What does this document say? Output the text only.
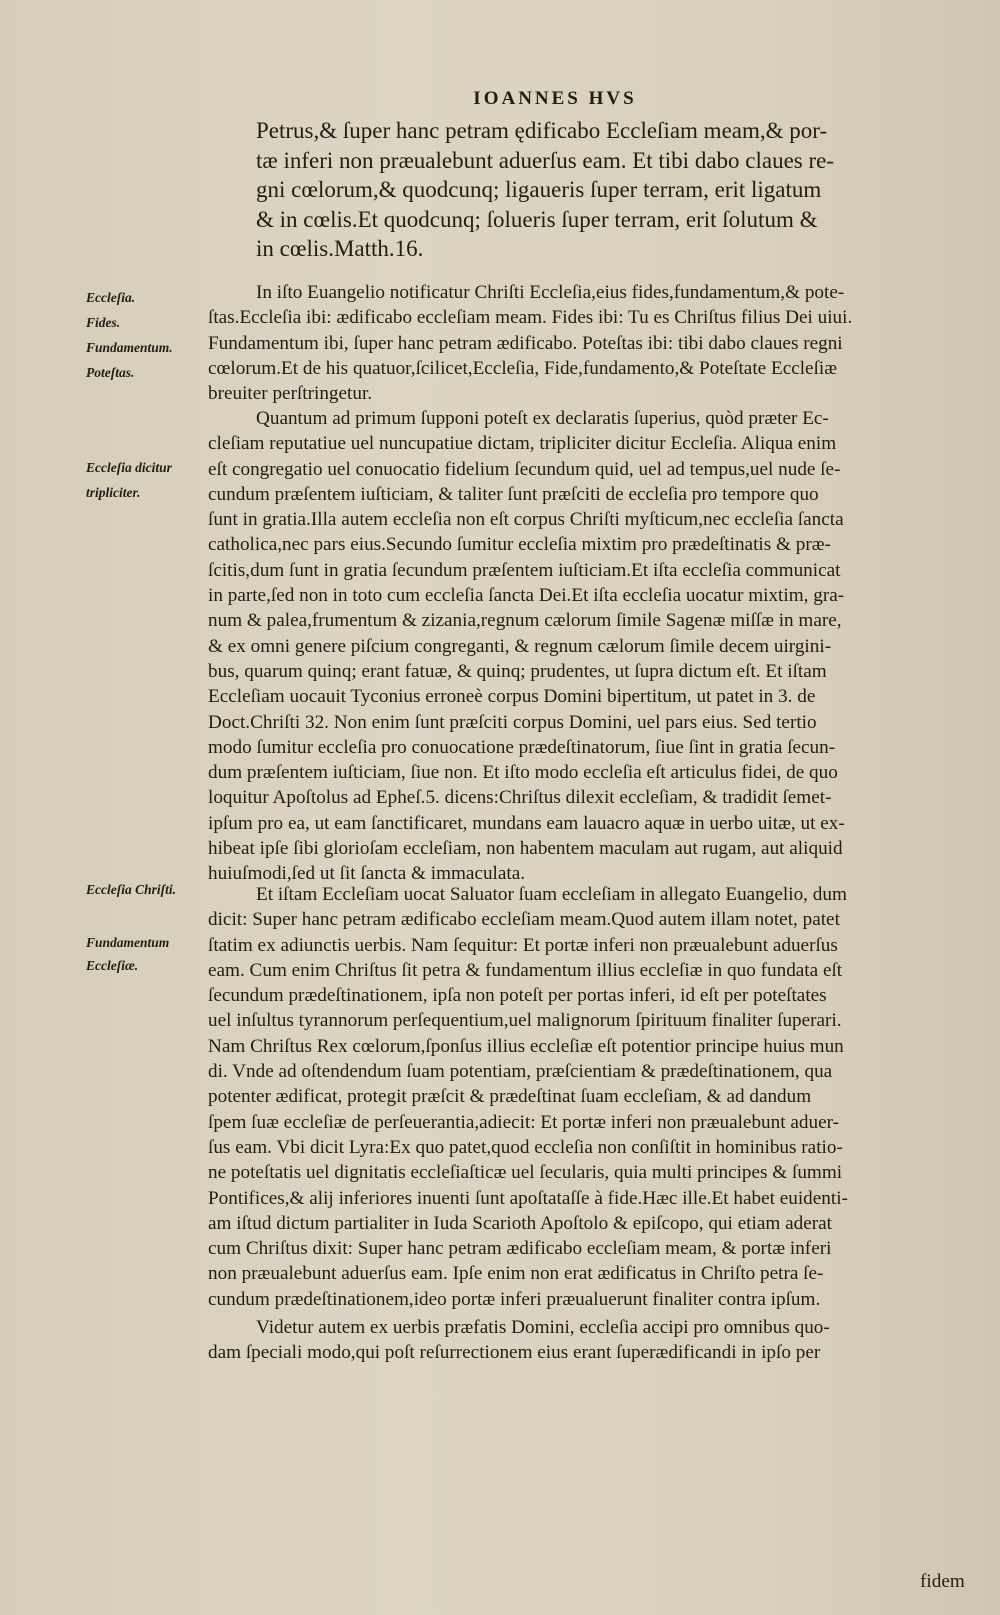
IOANNES HVS
Petrus,& ſuper hanc petram ędificabo Eccleſiam meam,& por-
tæ inferi non præualebunt aduerſus eam. Et tibi dabo claues re-
gni cœlorum,& quodcunq; ligaueris ſuper terram, erit ligatum
& in cœlis.Et quodcunq; ſolueris ſuper terram, erit ſolutum &
in cœlis.Matth.16.
In iſto Euangelio notificatur Chriſti Eccleſia,eius fides,fundamentum,& pote-
ſtas.Eccleſia ibi: ædificabo eccleſiam meam. Fides ibi: Tu es Chriſtus filius Dei uiui.
Fundamentum ibi, ſuper hanc petram ædificabo. Poteſtas ibi: tibi dabo claues regni
cœlorum.Et de his quatuor,ſcilicet,Eccleſia, Fide,fundamento,& Poteſtate Eccleſiæ
breuiter perſtringetur.
Quantum ad primum ſupponi poteſt ex declaratis ſuperius, quòd præter Ec-
cleſiam reputatiue uel nuncupatiue dictam, tripliciter dicitur Eccleſia. Aliqua enim
eſt congregatio uel conuocatio fidelium ſecundum quid, uel ad tempus,uel nude ſe-
cundum præſentem iuſticiam, & taliter ſunt præſciti de eccleſia pro tempore quo
ſunt in gratia.Illa autem eccleſia non eſt corpus Chriſti myſticum,nec eccleſia ſancta
catholica,nec pars eius.Secundo ſumitur eccleſia mixtim pro prædeſtinatis & præ-
ſcitis,dum ſunt in gratia ſecundum præſentem iuſticiam.Et iſta eccleſia communicat
in parte,ſed non in toto cum eccleſia ſancta Dei.Et iſta eccleſia uocatur mixtim, gra-
num & palea,frumentum & zizania,regnum cælorum ſimile Sagenæ miſſæ in mare,
& ex omni genere piſcium congreganti, & regnum cælorum ſimile decem uirgini-
bus, quarum quinq; erant fatuæ, & quinq; prudentes, ut ſupra dictum eſt. Et iſtam
Eccleſiam uocauit Tyconius erroneè corpus Domini bipertitum, ut patet in 3. de
Doct.Chriſti 32. Non enim ſunt præſciti corpus Domini, uel pars eius. Sed tertio
modo ſumitur eccleſia pro conuocatione prædeſtinatorum, ſiue ſint in gratia ſecun-
dum præſentem iuſticiam, ſiue non. Et iſto modo eccleſia eſt articulus fidei, de quo
loquitur Apoſtolus ad Epheſ.5. dicens:Chriſtus dilexit eccleſiam, & tradidit ſemet-
ipſum pro ea, ut eam ſanctificaret, mundans eam lauacro aquæ in uerbo uitæ, ut ex-
hibeat ipſe ſibi glorioſam eccleſiam, non habentem maculam aut rugam, aut aliquid
huiuſmodi,ſed ut ſit ſancta & immaculata.
Et iſtam Eccleſiam uocat Saluator ſuam eccleſiam in allegato Euangelio, dum
dicit: Super hanc petram ædificabo eccleſiam meam.Quod autem illam notet, patet
ſtatim ex adiunctis uerbis. Nam ſequitur: Et portæ inferi non præualebunt aduerſus
eam. Cum enim Chriſtus ſit petra & fundamentum illius eccleſiæ in quo fundata eſt
ſecundum prædeſtinationem, ipſa non poteſt per portas inferi, id eſt per poteſtates
uel inſultus tyrannorum perſequentium,uel malignorum ſpirituum finaliter ſuperari.
Nam Chriſtus Rex cœlorum,ſponſus illius eccleſiæ eſt potentior principe huius mun
di. Vnde ad oſtendendum ſuam potentiam, præſcientiam & prædeſtinationem, qua
potenter ædificat, protegit præſcit & prædeſtinat ſuam eccleſiam, & ad dandum
ſpem ſuæ eccleſiæ de perſeuerantia,adiecit: Et portæ inferi non præualebunt aduer-
ſus eam. Vbi dicit Lyra:Ex quo patet,quod eccleſia non conſiſtit in hominibus ratio-
ne poteſtatis uel dignitatis eccleſiaſticæ uel ſecularis, quia multi principes & ſummi
Pontifices,& alij inferiores inuenti ſunt apoſtataſſe à fide.Hæc ille.Et habet euidenti-
am iſtud dictum partialiter in Iuda Scarioth Apoſtolo & epiſcopo, qui etiam aderat
cum Chriſtus dixit: Super hanc petram ædificabo eccleſiam meam, & portæ inferi
non præualebunt aduerſus eam. Ipſe enim non erat ædificatus in Chriſto petra ſe-
cundum prædeſtinationem,ideo portæ inferi præualuerunt finaliter contra ipſum.
Videtur autem ex uerbis præfatis Domini, eccleſia accipi pro omnibus quo-
dam ſpeciali modo,qui poſt reſurrectionem eius erant ſuperædificandi in ipſo per
fidem
Eccleſia.
Fides.
Fundamentum.
Poteſtas.
Eccleſia dicitur
tripliciter.
Eccleſia Chriſti.
Fundamentum
Eccleſiæ.
